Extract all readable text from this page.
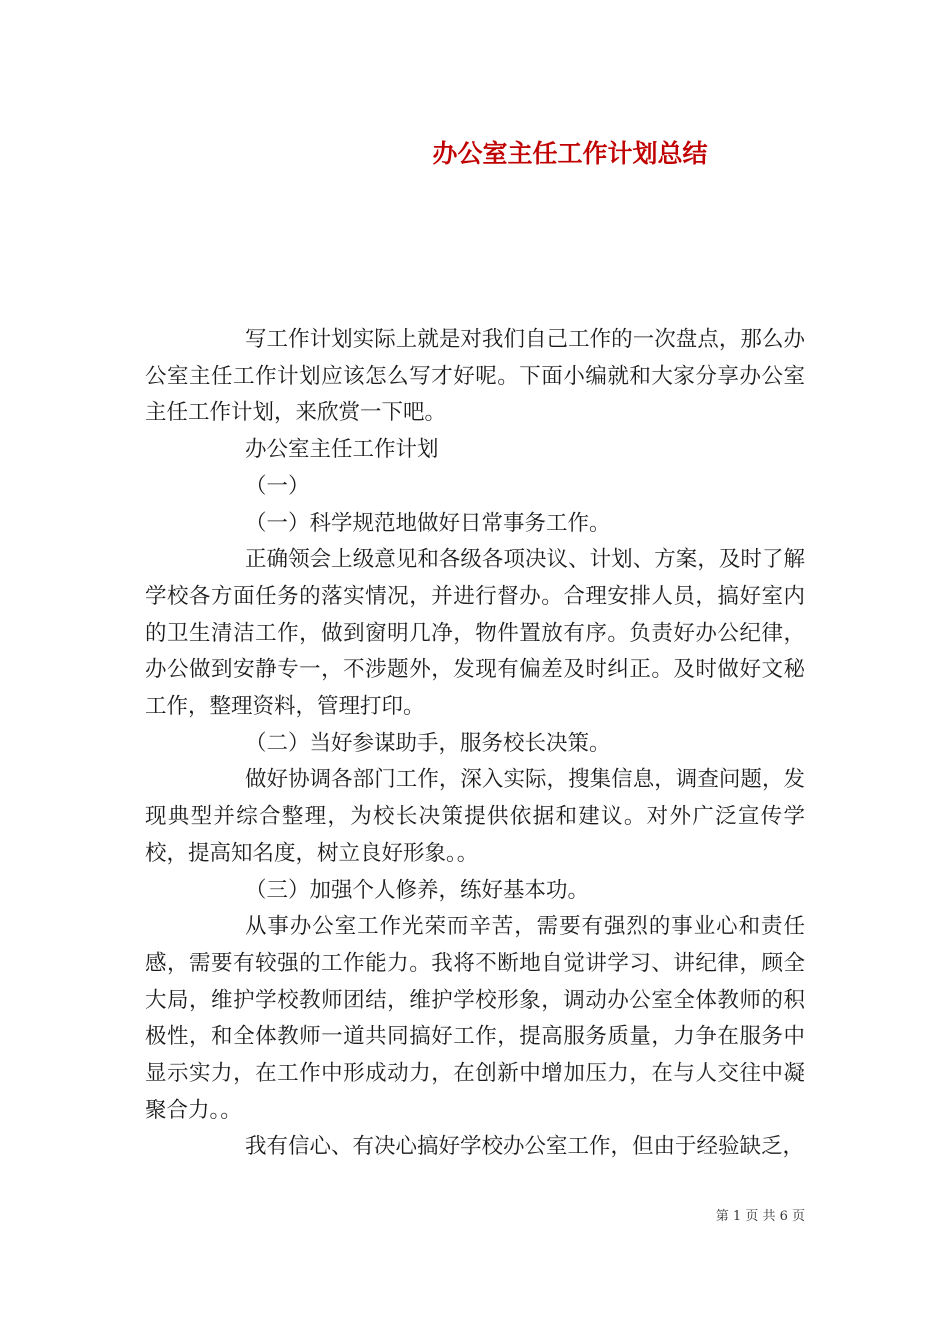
办公室主任工作计划总结

写工作计划实际上就是对我们自己工作的一次盘点，那么办公室主任工作计划应该怎么写才好呢。下面小编就和大家分享办公室主任工作计划，来欣赏一下吧。

办公室主任工作计划

（一）

（一）科学规范地做好日常事务工作。

正确领会上级意见和各级各项决议、计划、方案，及时了解学校各方面任务的落实情况，并进行督办。合理安排人员，搞好室内的卫生清洁工作，做到窗明几净，物件置放有序。负责好办公纪律，办公做到安静专一，不涉题外，发现有偏差及时纠正。及时做好文秘工作，整理资料，管理打印。

（二）当好参谋助手，服务校长决策。

做好协调各部门工作，深入实际，搜集信息，调查问题，发现典型并综合整理，为校长决策提供依据和建议。对外广泛宣传学校，提高知名度，树立良好形象。。

（三）加强个人修养，练好基本功。

从事办公室工作光荣而辛苦，需要有强烈的事业心和责任感，需要有较强的工作能力。我将不断地自觉讲学习、讲纪律，顾全大局，维护学校教师团结，维护学校形象，调动办公室全体教师的积极性，和全体教师一道共同搞好工作，提高服务质量，力争在服务中显示实力，在工作中形成动力，在创新中增加压力，在与人交往中凝聚合力。。

我有信心、有决心搞好学校办公室工作，但由于经验缺乏，

第 1 页 共 6 页
